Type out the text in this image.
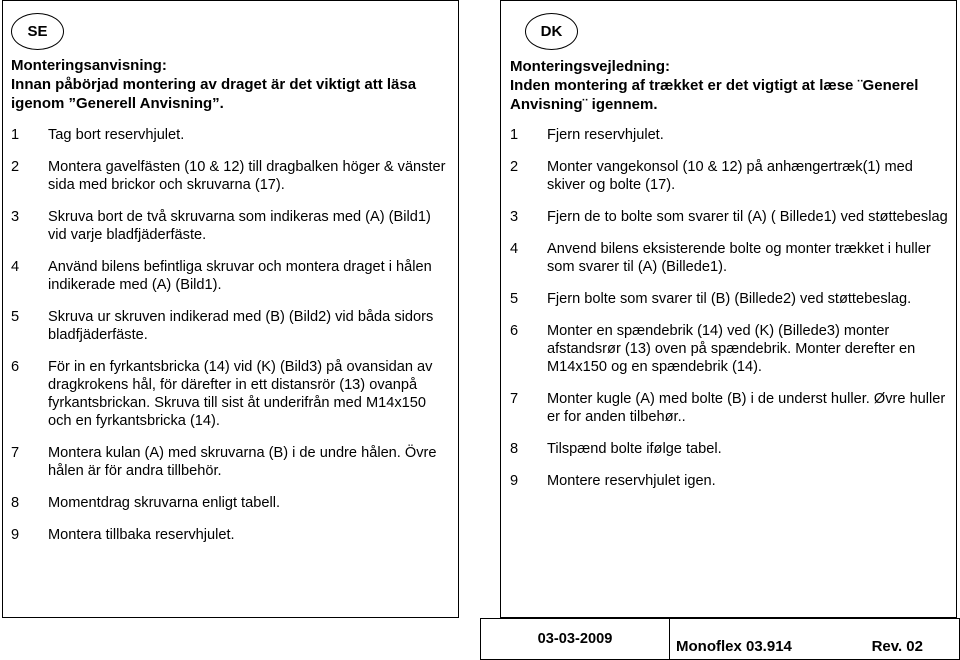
SE
Monteringsanvisning:
Innan påbörjad montering av draget är det viktigt att läsa
igenom ”Generell Anvisning”.
1	Tag bort reservhjulet.
2	Montera gavelfästen (10 & 12) till dragbalken höger & vänster sida med brickor och skruvarna (17).
3	Skruva bort de två skruvarna som indikeras med (A) (Bild1) vid varje bladfjäderfäste.
4	Använd bilens befintliga skruvar och montera draget i hålen indikerade med (A) (Bild1).
5	Skruva ur skruven indikerad med (B) (Bild2) vid båda sidors bladfjäderfäste.
6	För in en fyrkantsbricka (14) vid (K) (Bild3) på ovansidan av dragkrokens hål, för därefter in ett distansrör (13) ovanpå fyrkantsbrickan. Skruva till sist åt underifrån med M14x150 och en fyrkantsbricka (14).
7	Montera kulan (A) med skruvarna (B) i de undre hålen. Övre hålen är för andra tillbehör.
8	Momentdrag skruvarna enligt tabell.
9	Montera tillbaka reservhjulet.
DK
Monteringsvejledning:
Inden montering af trækket er det vigtigt at læse ¨Generel
Anvisning¨ igennem.
1	Fjern reservhjulet.
2	Monter vangekonsol (10 & 12) på anhængertræk(1) med skiver og bolte (17).
3	Fjern de to bolte som svarer til (A) ( Billede1) ved støttebeslag
4	Anvend bilens eksisterende bolte og monter trækket i huller som svarer til (A) (Billede1).
5	Fjern bolte som svarer til (B) (Billede2) ved støttebeslag.
6	Monter en spændebrik (14) ved (K) (Billede3) monter afstandsrør (13) oven på spændebrik. Monter derefter en M14x150 og en spændebrik (14).
7	Monter kugle (A) med bolte (B) i de underst huller. Øvre huller er for anden tilbehør..
8	Tilspænd bolte ifølge tabel.
9	Montere reservhjulet igen.
03-03-2009	Monoflex 03.914	Rev. 02
